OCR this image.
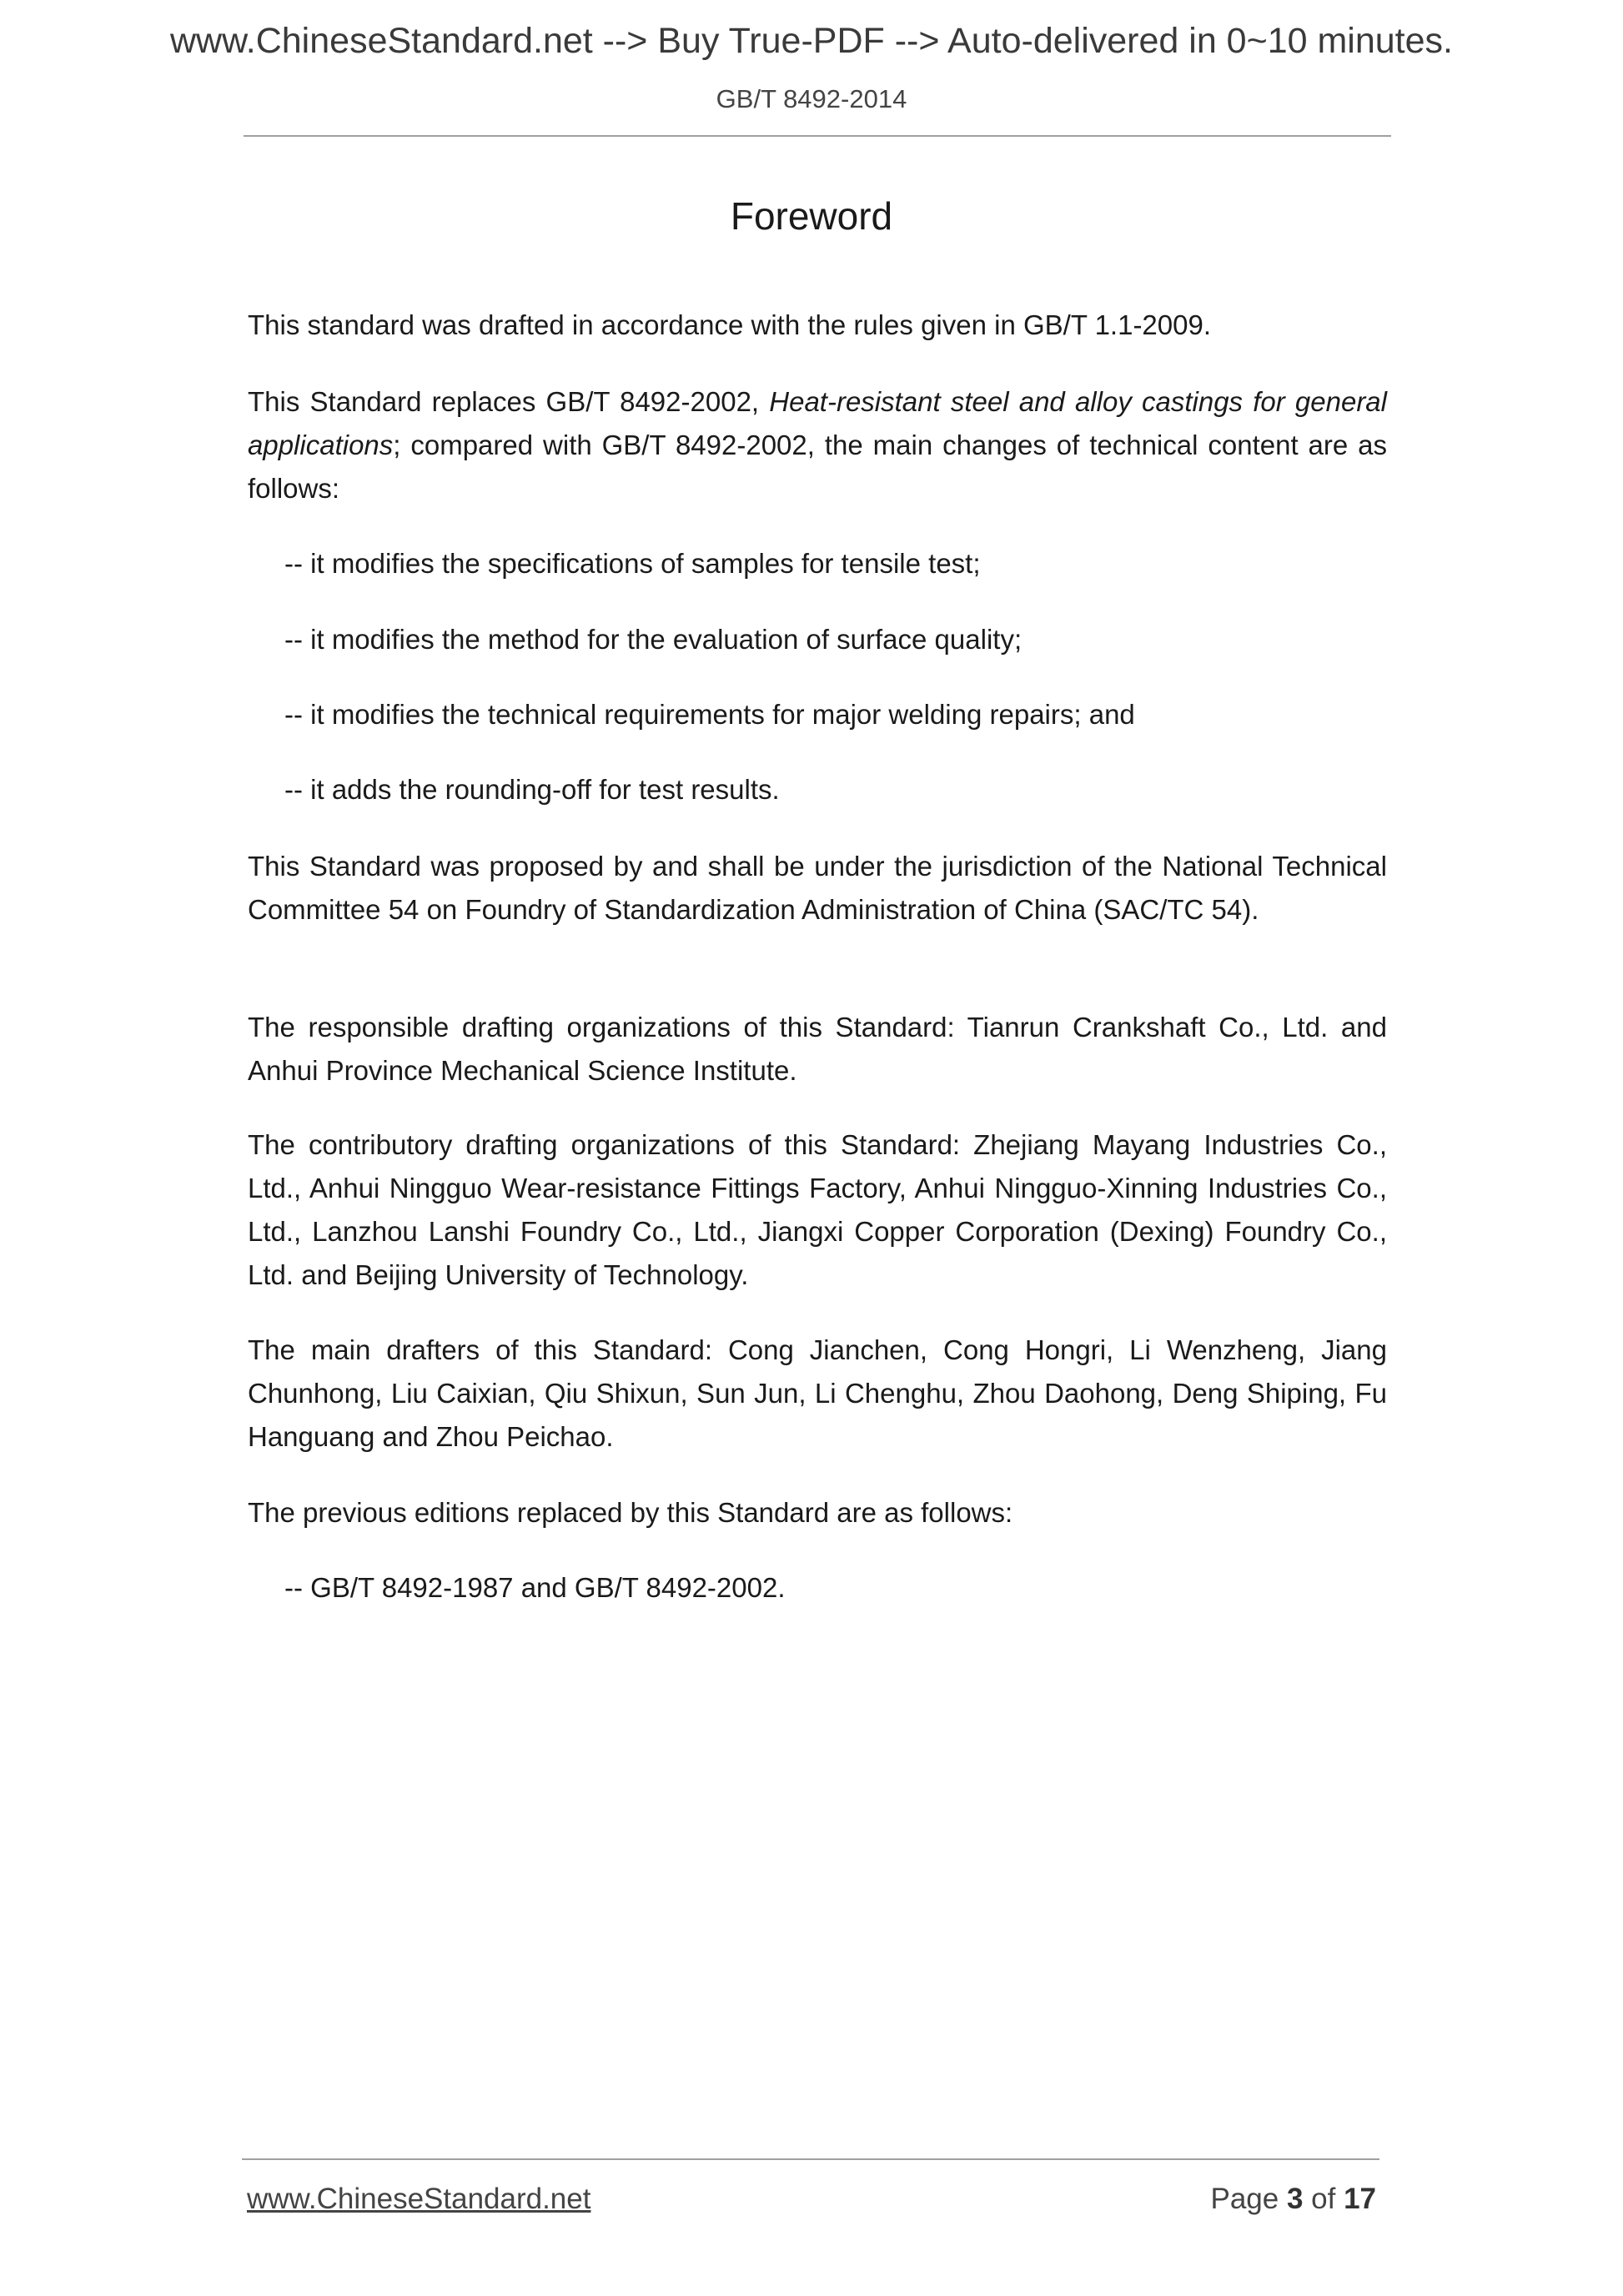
www.ChineseStandard.net --> Buy True-PDF --> Auto-delivered in 0~10 minutes.
GB/T 8492-2014
Foreword

This standard was drafted in accordance with the rules given in GB/T 1.1-2009.

This Standard replaces GB/T 8492-2002, Heat-resistant steel and alloy castings for general applications; compared with GB/T 8492-2002, the main changes of technical content are as follows:

-- it modifies the specifications of samples for tensile test;

-- it modifies the method for the evaluation of surface quality;

-- it modifies the technical requirements for major welding repairs; and

-- it adds the rounding-off for test results.

This Standard was proposed by and shall be under the jurisdiction of the National Technical Committee 54 on Foundry of Standardization Administration of China (SAC/TC 54).

The responsible drafting organizations of this Standard: Tianrun Crankshaft Co., Ltd. and Anhui Province Mechanical Science Institute.

The contributory drafting organizations of this Standard: Zhejiang Mayang Industries Co., Ltd., Anhui Ningguo Wear-resistance Fittings Factory, Anhui Ningguo-Xinning Industries Co., Ltd., Lanzhou Lanshi Foundry Co., Ltd., Jiangxi Copper Corporation (Dexing) Foundry Co., Ltd. and Beijing University of Technology.

The main drafters of this Standard: Cong Jianchen, Cong Hongri, Li Wenzheng, Jiang Chunhong, Liu Caixian, Qiu Shixun, Sun Jun, Li Chenghu, Zhou Daohong, Deng Shiping, Fu Hanguang and Zhou Peichao.

The previous editions replaced by this Standard are as follows:

-- GB/T 8492-1987 and GB/T 8492-2002.

www.ChineseStandard.net	Page 3 of 17
